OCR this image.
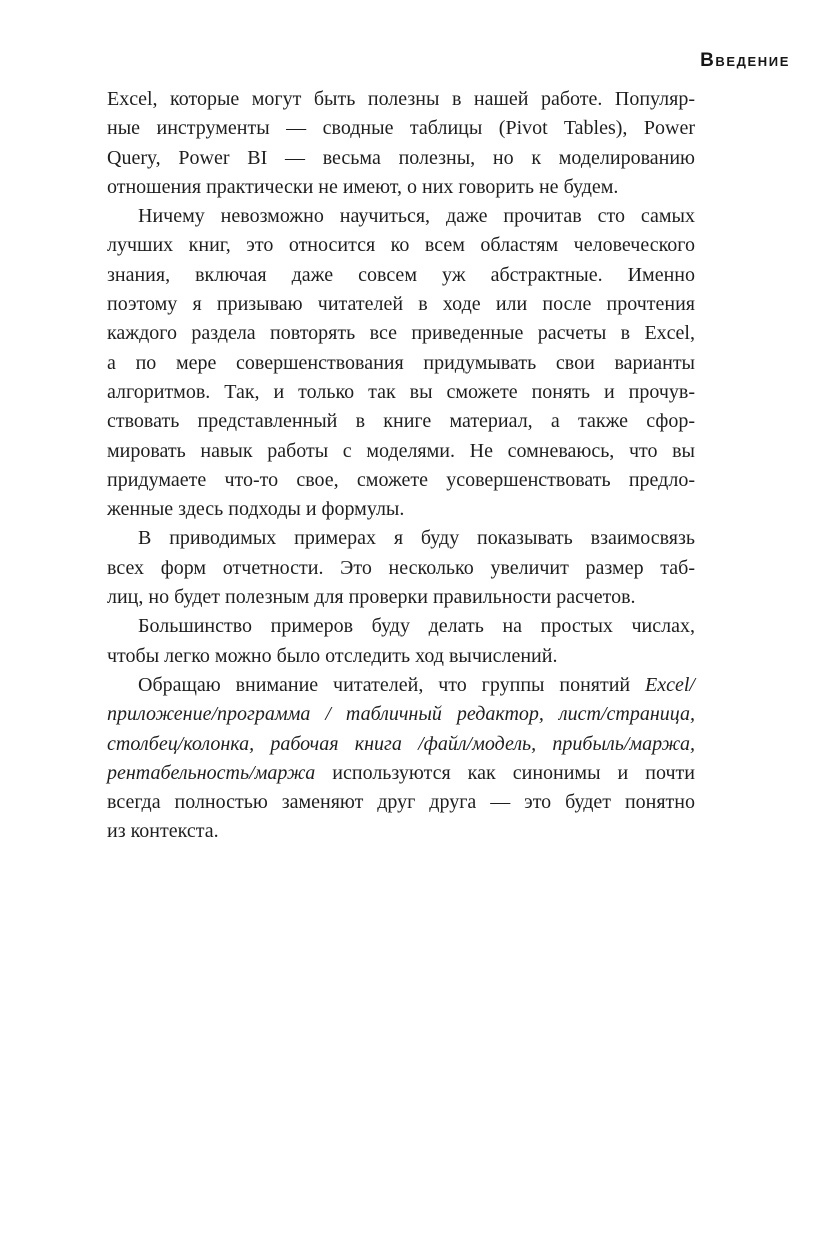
Введение
Excel, которые могут быть полезны в нашей работе. Популяр-
ные инструменты — сводные таблицы (Pivot Tables), Power
Query, Power BI — весьма полезны, но к моделированию
отношения практически не имеют, о них говорить не будем.
Ничему невозможно научиться, даже прочитав сто самых
лучших книг, это относится ко всем областям человеческого
знания, включая даже совсем уж абстрактные. Именно
поэтому я призываю читателей в ходе или после прочтения
каждого раздела повторять все приведенные расчеты в Excel,
а по мере совершенствования придумывать свои варианты
алгоритмов. Так, и только так вы сможете понять и прочув-
ствовать представленный в книге материал, а также сфор-
мировать навык работы с моделями. Не сомневаюсь, что вы
придумаете что-то свое, сможете усовершенствовать предло-
женные здесь подходы и формулы.
В приводимых примерах я буду показывать взаимосвязь
всех форм отчетности. Это несколько увеличит размер таб-
лиц, но будет полезным для проверки правильности расчетов.
Большинство примеров буду делать на простых числах,
чтобы легко можно было отследить ход вычислений.
Обращаю внимание читателей, что группы понятий Excel/
приложение/программа / табличный редактор, лист/страница,
столбец/колонка, рабочая книга /файл/модель, прибыль/маржа,
рентабельность/маржа используются как синонимы и почти
всегда полностью заменяют друг друга — это будет понятно
из контекста.
